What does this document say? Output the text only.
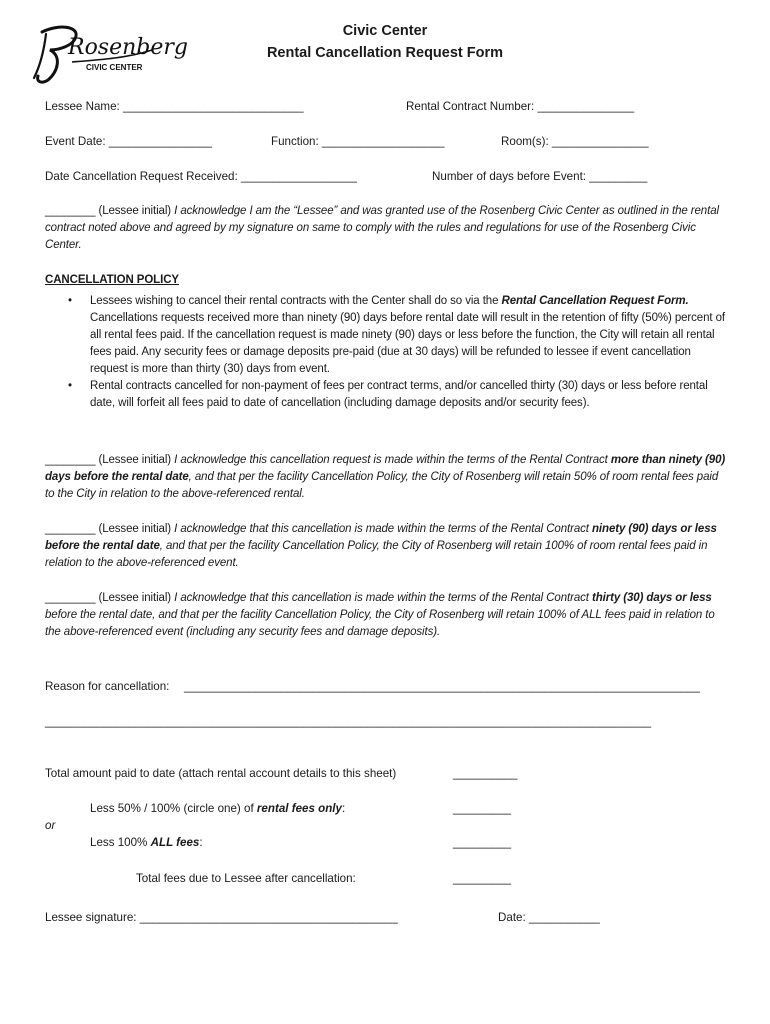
Rosenberg
CIVIC CENTER
Civic Center
Rental Cancellation Request Form
Lessee Name: ____________________________	Rental Contract Number: _______________
Event Date: ________________	Function: ___________________	Room(s): _______________
Date Cancellation Request Received: __________________	Number of days before Event: _________
________ (Lessee initial) I acknowledge I am the “Lessee” and was granted use of the Rosenberg Civic Center as outlined in the rental contract noted above and agreed by my signature on same to comply with the rules and regulations for use of the Rosenberg Civic Center.
CANCELLATION POLICY
• Lessees wishing to cancel their rental contracts with the Center shall do so via the Rental Cancellation Request Form. Cancellations requests received more than ninety (90) days before rental date will result in the retention of fifty (50%) percent of all rental fees paid. If the cancellation request is made ninety (90) days or less before the function, the City will retain all rental fees paid. Any security fees or damage deposits pre-paid (due at 30 days) will be refunded to lessee if event cancellation request is more than thirty (30) days from event.
• Rental contracts cancelled for non-payment of fees per contract terms, and/or cancelled thirty (30) days or less before rental date, will forfeit all fees paid to date of cancellation (including damage deposits and/or security fees).
________ (Lessee initial) I acknowledge this cancellation request is made within the terms of the Rental Contract more than ninety (90) days before the rental date, and that per the facility Cancellation Policy, the City of Rosenberg will retain 50% of room rental fees paid to the City in relation to the above-referenced rental.
________ (Lessee initial) I acknowledge that this cancellation is made within the terms of the Rental Contract ninety (90) days or less before the rental date, and that per the facility Cancellation Policy, the City of Rosenberg will retain 100% of room rental fees paid in relation to the above-referenced event.
________ (Lessee initial) I acknowledge that this cancellation is made within the terms of the Rental Contract thirty (30) days or less before the rental date, and that per the facility Cancellation Policy, the City of Rosenberg will retain 100% of ALL fees paid in relation to the above-referenced event (including any security fees and damage deposits).
Reason for cancellation: ________________________________________________________________________________
______________________________________________________________________________________________
Total amount paid to date (attach rental account details to this sheet)	__________
Less 50% / 100% (circle one) of rental fees only:	_________
or
Less 100% ALL fees:	_________
Total fees due to Lessee after cancellation:	_________
Lessee signature: ________________________________________	Date: ___________
